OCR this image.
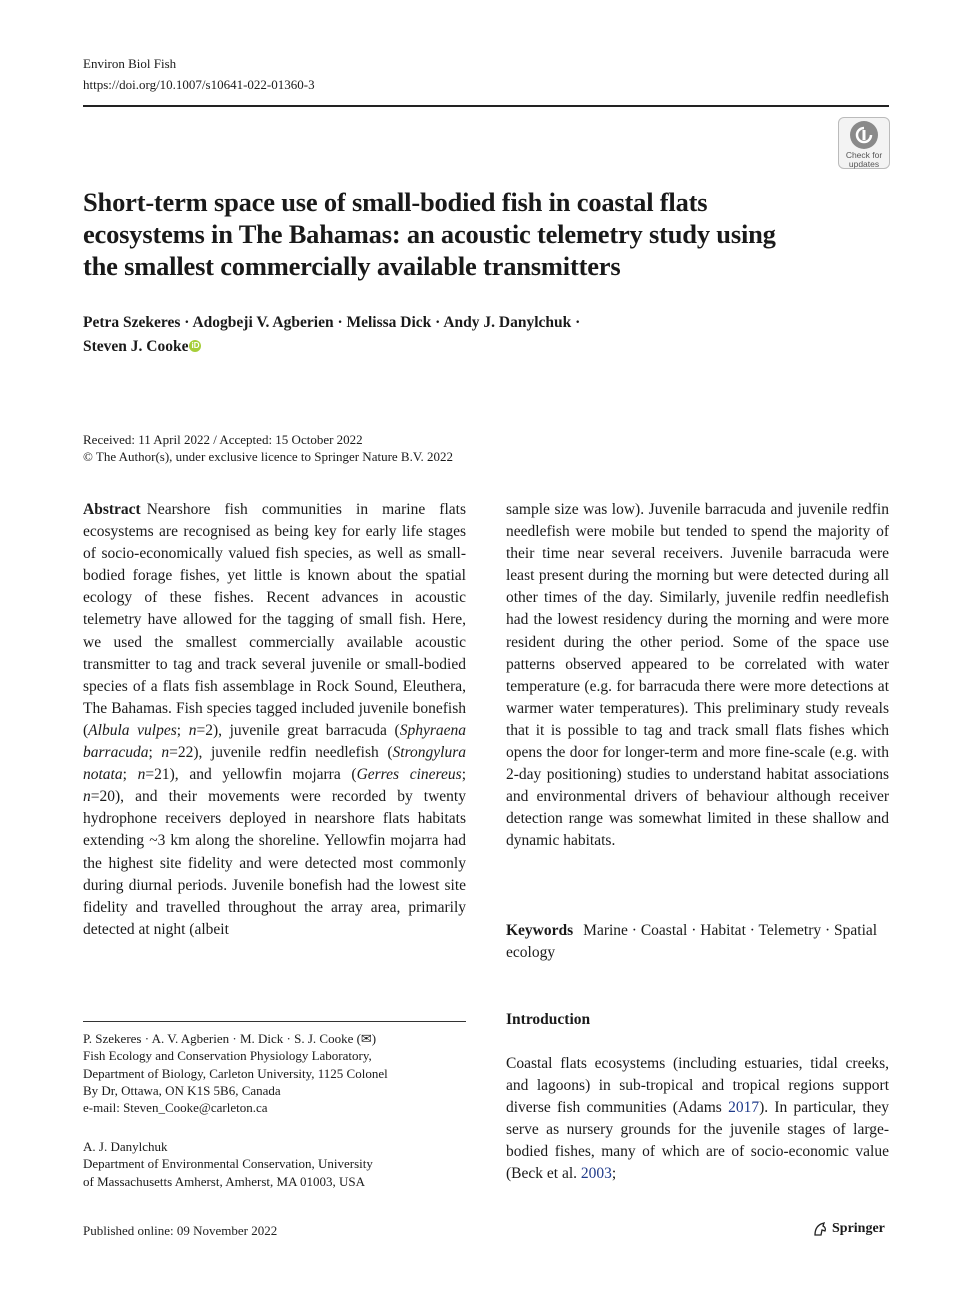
Environ Biol Fish
https://doi.org/10.1007/s10641-022-01360-3
Check for
updates
Short-term space use of small-bodied fish in coastal flats ecosystems in The Bahamas: an acoustic telemetry study using the smallest commercially available transmitters
Petra Szekeres · Adogbeji V. Agberien · Melissa Dick · Andy J. Danylchuk ·
Steven J. Cooke iD
Received: 11 April 2022 / Accepted: 15 October 2022
© The Author(s), under exclusive licence to Springer Nature B.V. 2022
Abstract Nearshore fish communities in marine flats ecosystems are recognised as being key for early life stages of socio-economically valued fish species, as well as small-bodied forage fishes, yet little is known about the spatial ecology of these fishes. Recent advances in acoustic telemetry have allowed for the tagging of small fish. Here, we used the smallest commercially available acoustic transmitter to tag and track several juvenile or small-bodied species of a flats fish assemblage in Rock Sound, Eleuthera, The Bahamas. Fish species tagged included juvenile bonefish (Albula vulpes; n=2), juvenile great barracuda (Sphyraena barracuda; n=22), juvenile redfin needlefish (Strongylura notata; n=21), and yellowfin mojarra (Gerres cinereus; n=20), and their movements were recorded by twenty hydrophone receivers deployed in nearshore flats habitats extending ~3 km along the shoreline. Yellowfin mojarra had the highest site fidelity and were detected most commonly during diurnal periods. Juvenile bonefish had the lowest site fidelity and travelled throughout the array area, primarily detected at night (albeit
sample size was low). Juvenile barracuda and juvenile redfin needlefish were mobile but tended to spend the majority of their time near several receivers. Juvenile barracuda were least present during the morning but were detected during all other times of the day. Similarly, juvenile redfin needlefish had the lowest residency during the morning and were more resident during the other period. Some of the space use patterns observed appeared to be correlated with water temperature (e.g. for barracuda there were more detections at warmer water temperatures). This preliminary study reveals that it is possible to tag and track small flats fishes which opens the door for longer-term and more fine-scale (e.g. with 2-day positioning) studies to understand habitat associations and environmental drivers of behaviour although receiver detection range was somewhat limited in these shallow and dynamic habitats.
Keywords Marine · Coastal · Habitat · Telemetry · Spatial ecology
Introduction
Coastal flats ecosystems (including estuaries, tidal creeks, and lagoons) in sub-tropical and tropical regions support diverse fish communities (Adams 2017). In particular, they serve as nursery grounds for the juvenile stages of large-bodied fishes, many of which are of socio-economic value (Beck et al. 2003;
P. Szekeres · A. V. Agberien · M. Dick · S. J. Cooke (✉)
Fish Ecology and Conservation Physiology Laboratory,
Department of Biology, Carleton University, 1125 Colonel
By Dr, Ottawa, ON K1S 5B6, Canada
e-mail: Steven_Cooke@carleton.ca
A. J. Danylchuk
Department of Environmental Conservation, University
of Massachusetts Amherst, Amherst, MA 01003, USA
Published online: 09 November 2022	Springer
